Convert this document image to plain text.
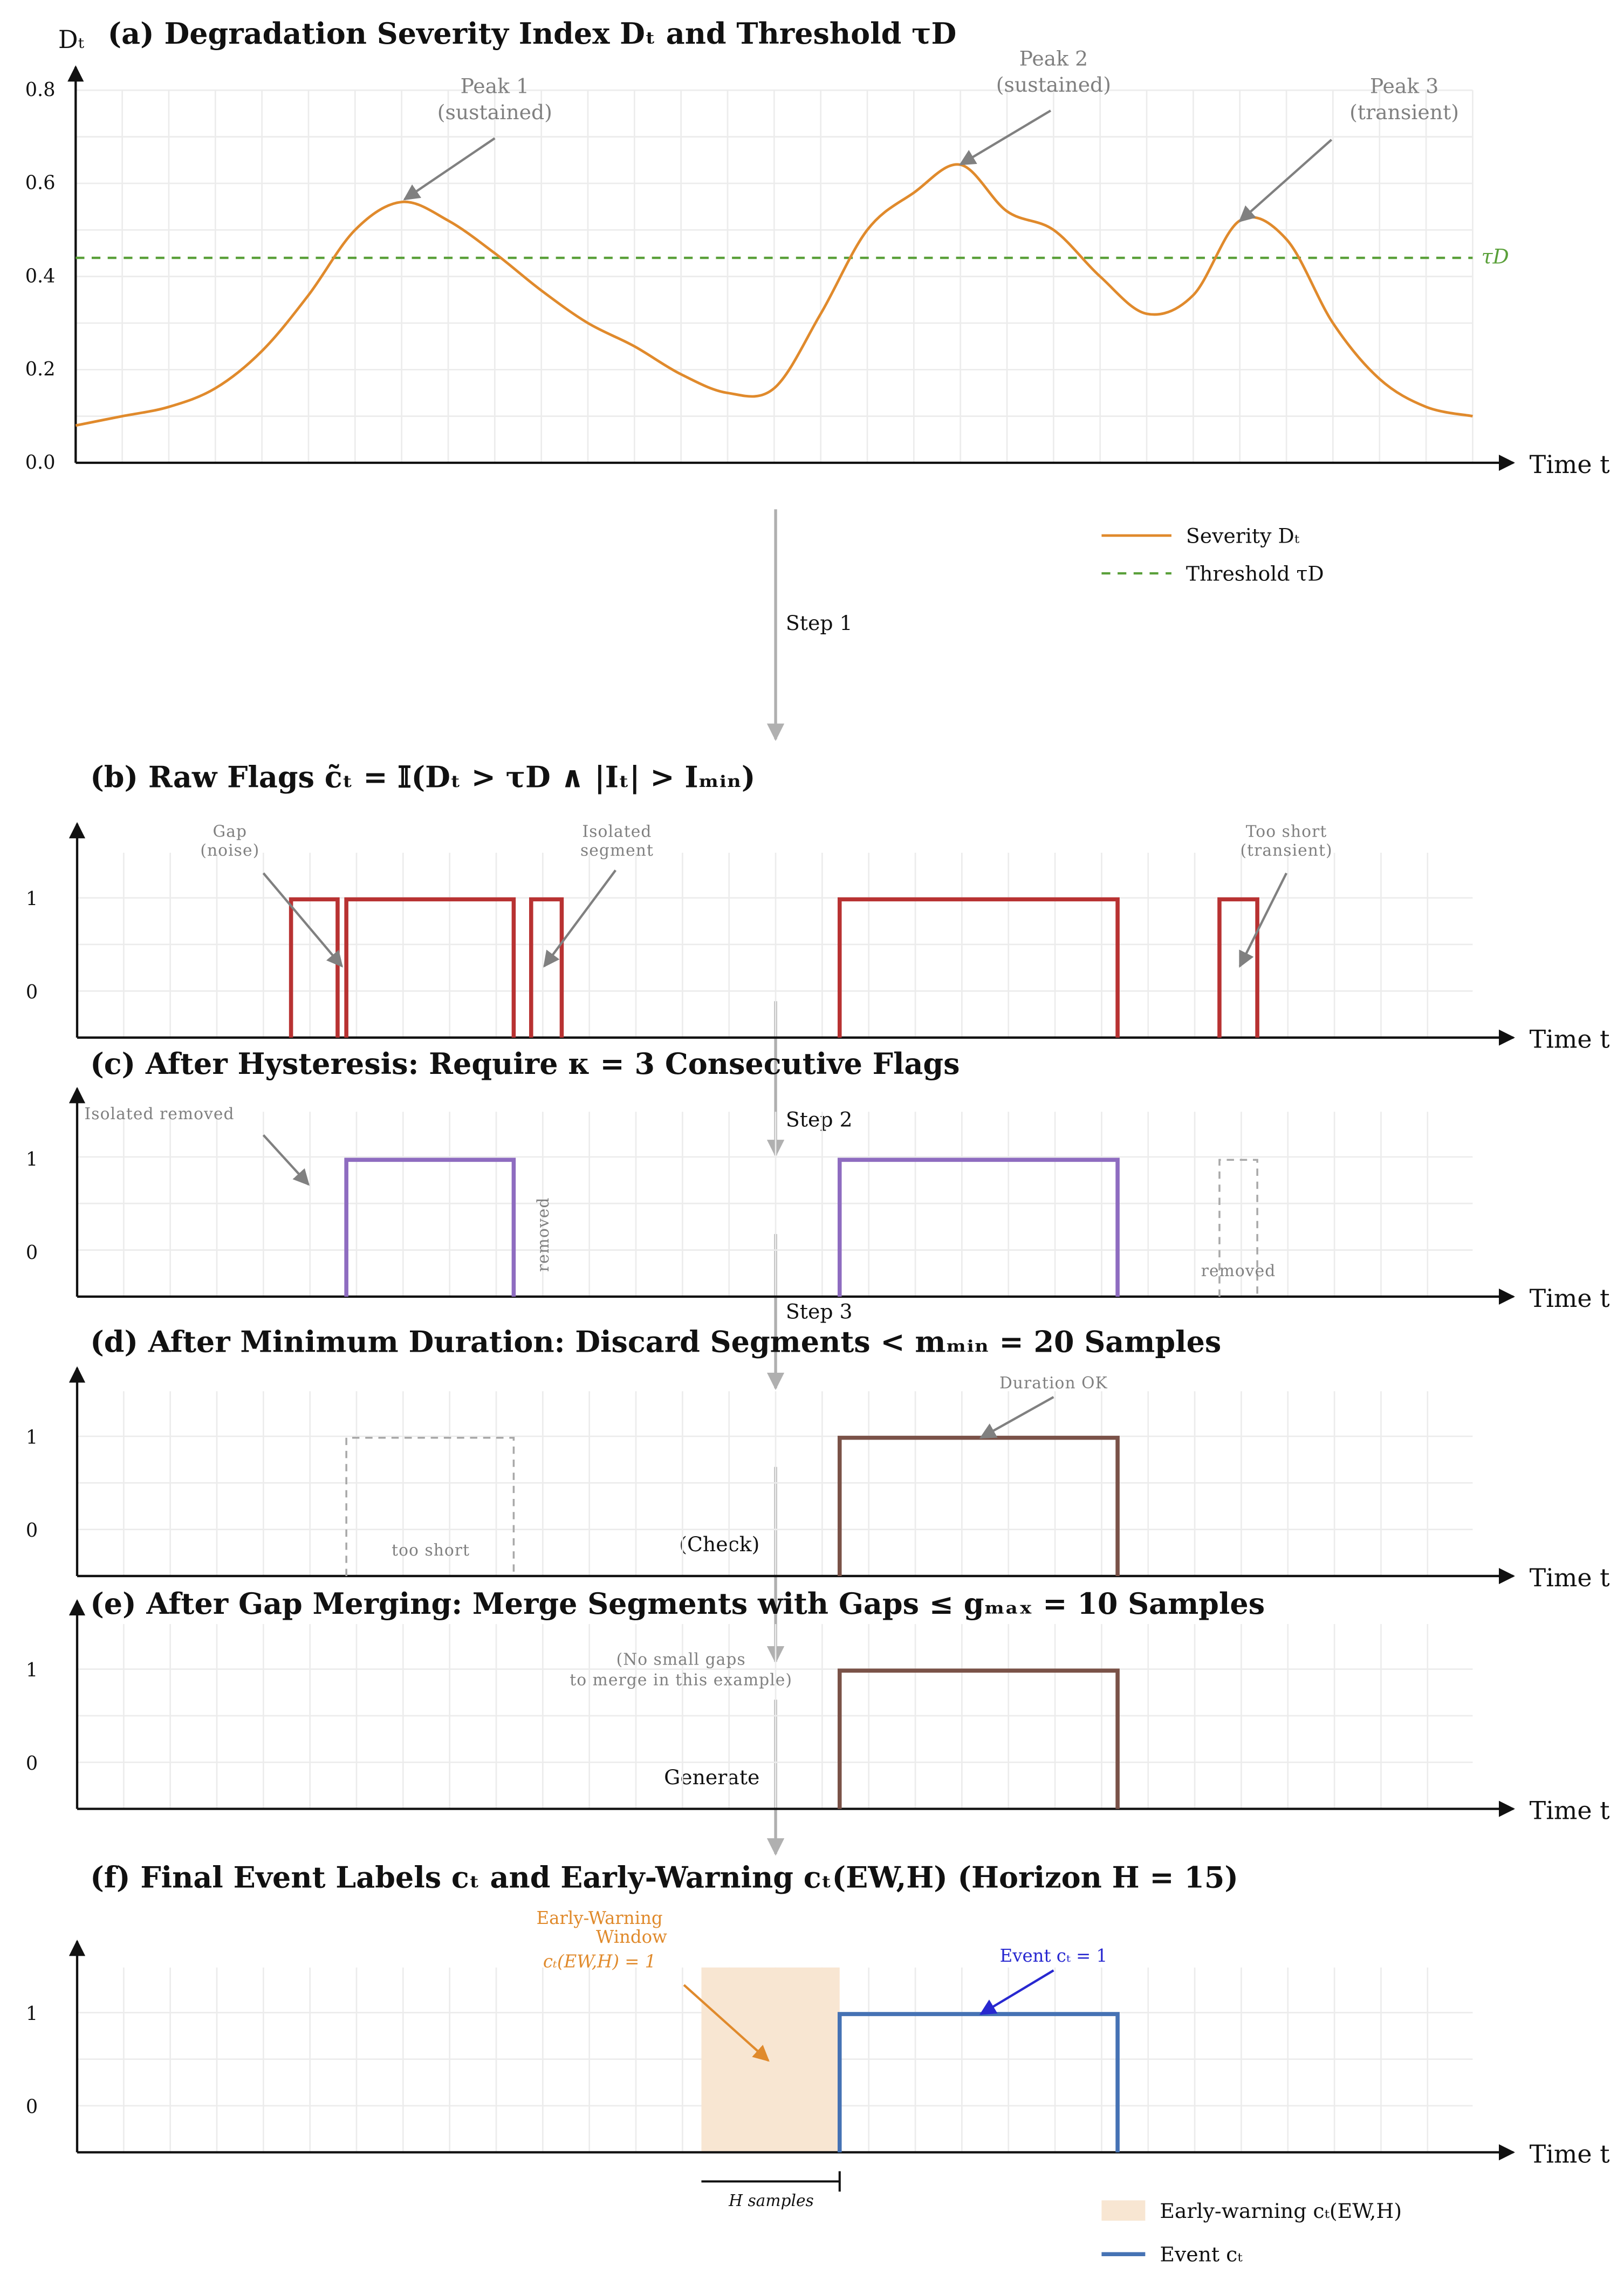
Dₜ (a) Degradation Severity Index Dₜ and Threshold τD
Time t
0.0
0.2
0.4
0.6
0.8
τD
Peak 1
(sustained)
Peak 2
(sustained)	Peak 3
(transient)
Severity Dₜ
Threshold τD
Step 1
Step 2
Step 3
(Check)
Generate
(b) Raw Flags c̃ₜ = 𝕀(Dₜ > τD ∧ |Iₜ| > Iₘᵢₙ)
Time t
0
1
Gap
(noise)
Isolated
segment
Too short
(transient)
(c) After Hysteresis: Require κ = 3 Consecutive Flags
Time t
0
1
Isolated removed
removed	removed
(d) After Minimum Duration: Discard Segments < mₘᵢₙ = 20 Samples
Time t
0
1
Duration OK
too short
(e) After Gap Merging: Merge Segments with Gaps ≤ gₘₐₓ = 10 Samples
Time t
0
1
(No small gaps
to merge in this example)
(f) Final Event Labels cₜ and Early-Warning cₜ(EW,H) (Horizon H = 15)
Time t
0
1
Early-Warning
Window
cₜ(EW,H) = 1	Event cₜ = 1
H samples	Early-warning cₜ(EW,H)
Event cₜ
